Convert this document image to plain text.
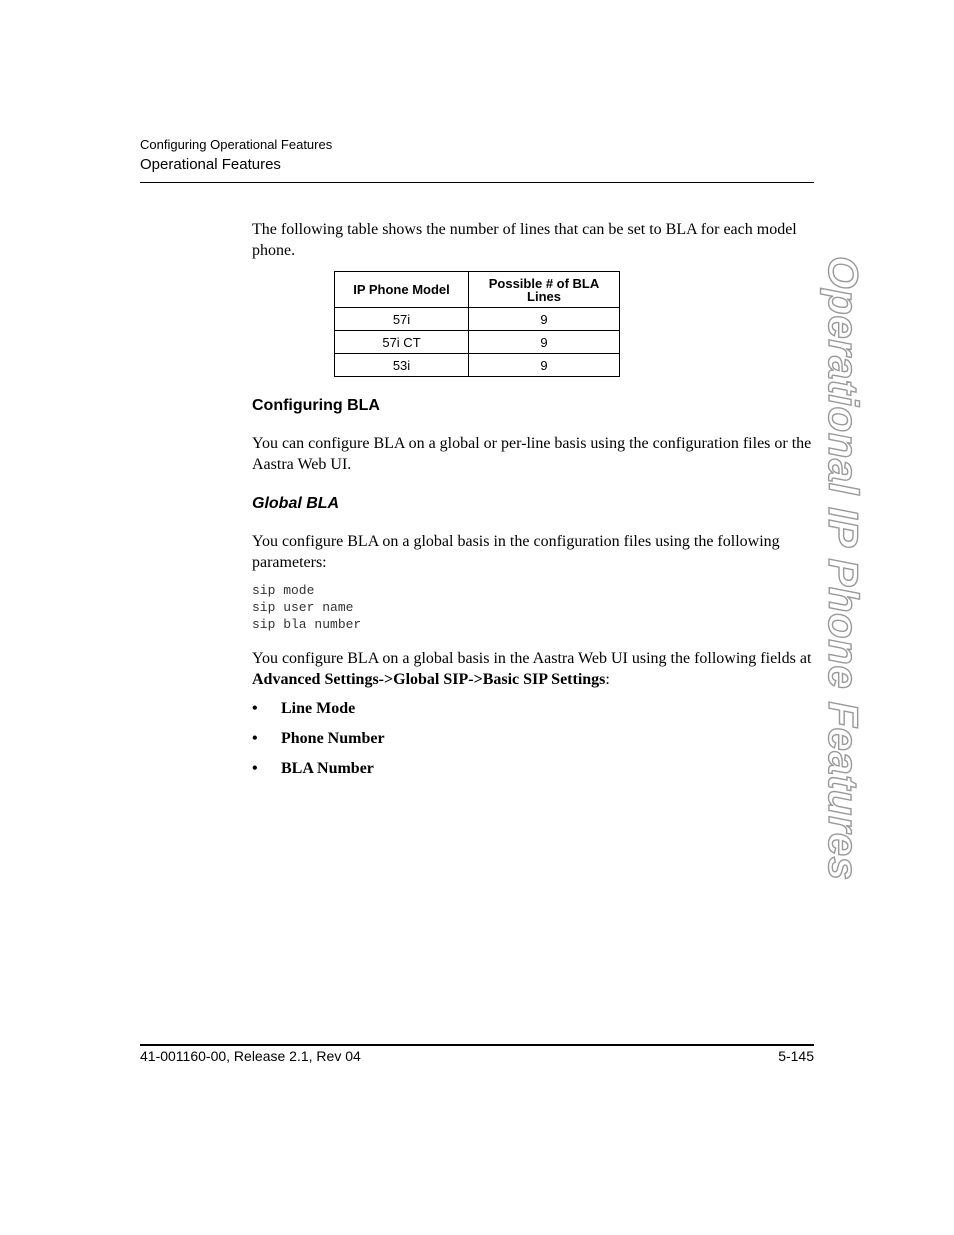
Configuring Operational Features
Operational Features
Operational IP Phone Features
The following table shows the number of lines that can be set to BLA for each model phone.
IP Phone Model	Possible # of BLA Lines

57i	9
57i CT	9
53i	9
Configuring BLA
You can configure BLA on a global or per-line basis using the configuration files or the Aastra Web UI.
Global BLA
You configure BLA on a global basis in the configuration files using the following parameters:
sip mode
sip user name
sip bla number
You configure BLA on a global basis in the Aastra Web UI using the following fields at Advanced Settings->Global SIP->Basic SIP Settings:
• Line Mode
• Phone Number
• BLA Number
41-001160-00, Release 2.1, Rev 04	5-145
